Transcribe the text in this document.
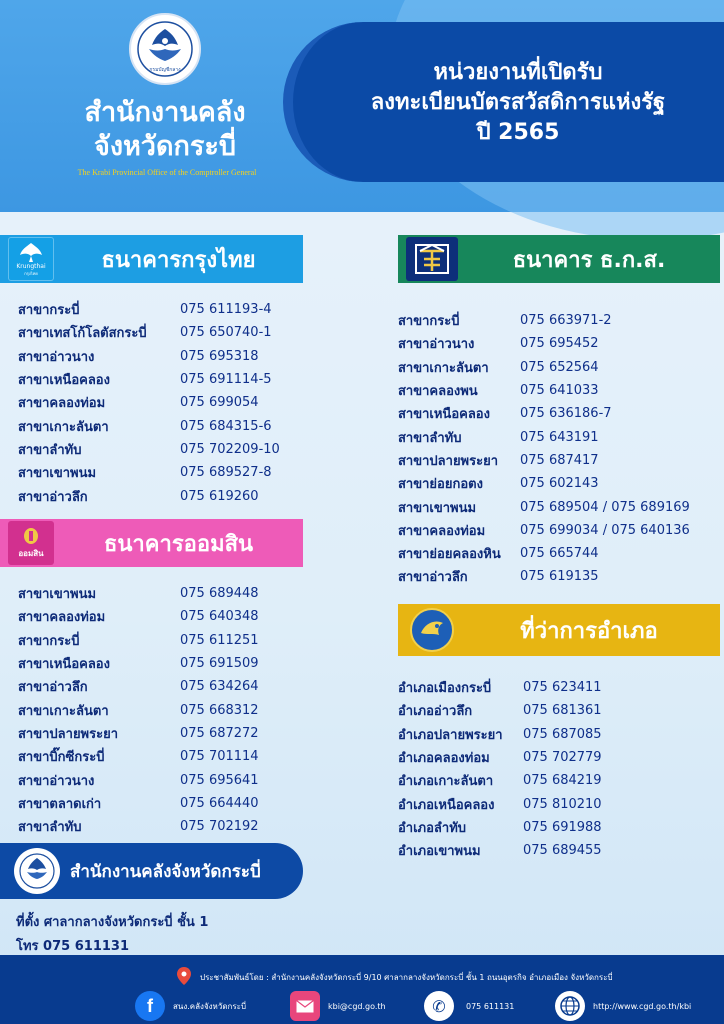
กรมบัญชีกลาง
สำนักงานคลัง
จังหวัดกระบี่
The Krabi Provincial Office of the Comptroller General
หน่วยงานที่เปิดรับ
ลงทะเบียนบัตรสวัสดิการแห่งรัฐ
ปี 2565
Krungthai
กรุงไทย
ธนาคารกรุงไทย
สาขากระบี่	075 611193-4
สาขาเทสโก้โลตัสกระบี่	075 650740-1
สาขาอ่าวนาง	075 695318
สาขาเหนือคลอง	075 691114-5
สาขาคลองท่อม	075 699054
สาขาเกาะลันตา	075 684315-6
สาขาลำทับ	075 702209-10
สาขาเขาพนม	075 689527-8
สาขาอ่าวลึก	075 619260
ออมสิน	ธนาคารออมสิน
สาขาเขาพนม	075 689448
สาขาคลองท่อม	075 640348
สาขากระบี่	075 611251
สาขาเหนือคลอง	075 691509
สาขาอ่าวลึก	075 634264
สาขาเกาะลันตา	075 668312
สาขาปลายพระยา	075 687272
สาขาบิ๊กซีกระบี่	075 701114
สาขาอ่าวนาง	075 695641
สาขาตลาดเก่า	075 664440
สาขาลำทับ	075 702192
ธนาคาร ธ.ก.ส.
สาขากระบี่	075 663971-2
สาขาอ่าวนาง	075 695452
สาขาเกาะลันตา	075 652564
สาขาคลองพน	075 641033
สาขาเหนือคลอง	075 636186-7
สาขาลำทับ	075 643191
สาขาปลายพระยา	075 687417
สาขาย่อยกอตง	075 602143
สาขาเขาพนม	075 689504 / 075 689169
สาขาคลองท่อม	075 699034 / 075 640136
สาขาย่อยคลองหิน	075 665744
สาขาอ่าวลึก	075 619135
ที่ว่าการอำเภอ
อำเภอเมืองกระบี่	075 623411
อำเภออ่าวลึก	075 681361
อำเภอปลายพระยา	075 687085
อำเภอคลองท่อม	075 702779
อำเภอเกาะลันตา	075 684219
อำเภอเหนือคลอง	075 810210
อำเภอลำทับ	075 691988
อำเภอเขาพนม	075 689455
สำนักงานคลังจังหวัดกระบี่
ที่ตั้ง ศาลากลางจังหวัดกระบี่ ชั้น 1
โทร 075 611131
ประชาสัมพันธ์โดย : สำนักงานคลังจังหวัดกระบี่ 9/10 ศาลากลางจังหวัดกระบี่ ชั้น 1 ถนนอุตรกิจ อำเภอเมือง จังหวัดกระบี่
f	สนง.คลังจังหวัดกระบี่	kbi@cgd.go.th	✆	075 611131	http://www.cgd.go.th/kbi
